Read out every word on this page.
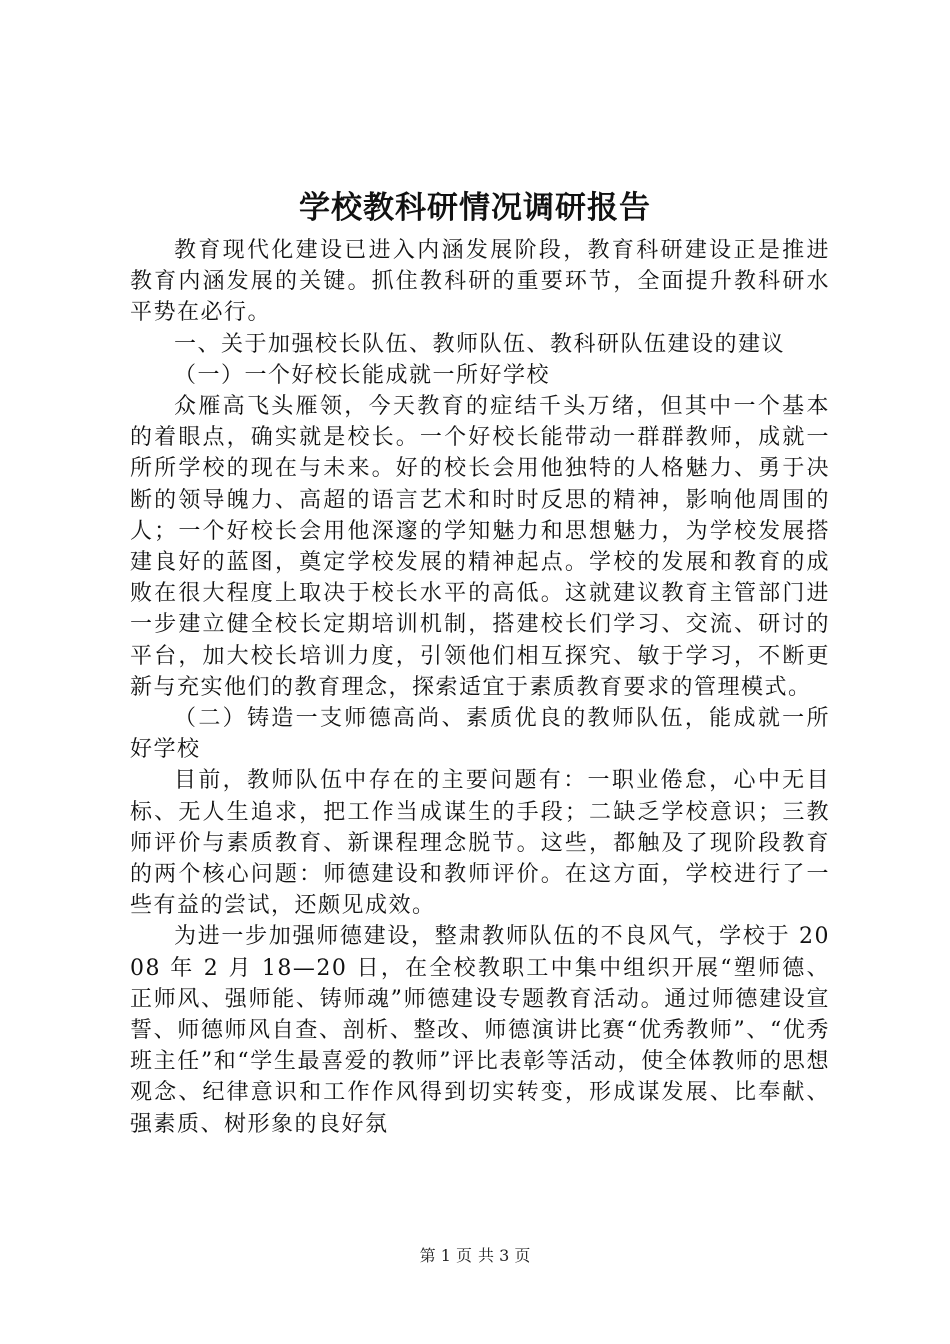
学校教科研情况调研报告

教育现代化建设已进入内涵发展阶段，教育科研建设正是推进教育内涵发展的关键。抓住教科研的重要环节，全面提升教科研水平势在必行。

一、关于加强校长队伍、教师队伍、教科研队伍建设的建议

（一）一个好校长能成就一所好学校

众雁高飞头雁领，今天教育的症结千头万绪，但其中一个基本的着眼点，确实就是校长。一个好校长能带动一群群教师，成就一所所学校的现在与未来。好的校长会用他独特的人格魅力、勇于决断的领导魄力、高超的语言艺术和时时反思的精神，影响他周围的人；一个好校长会用他深邃的学知魅力和思想魅力，为学校发展搭建良好的蓝图，奠定学校发展的精神起点。学校的发展和教育的成败在很大程度上取决于校长水平的高低。这就建议教育主管部门进一步建立健全校长定期培训机制，搭建校长们学习、交流、研讨的平台，加大校长培训力度，引领他们相互探究、敏于学习，不断更新与充实他们的教育理念，探索适宜于素质教育要求的管理模式。

（二）铸造一支师德高尚、素质优良的教师队伍，能成就一所好学校

目前，教师队伍中存在的主要问题有：一职业倦怠，心中无目标、无人生追求，把工作当成谋生的手段；二缺乏学校意识；三教师评价与素质教育、新课程理念脱节。这些，都触及了现阶段教育的两个核心问题：师德建设和教师评价。在这方面，学校进行了一些有益的尝试，还颇见成效。

为进一步加强师德建设，整肃教师队伍的不良风气，学校于 2008 年 2 月 18—20 日，在全校教职工中集中组织开展“塑师德、正师风、强师能、铸师魂”师德建设专题教育活动。通过师德建设宣誓、师德师风自查、剖析、整改、师德演讲比赛“优秀教师”、“优秀班主任”和“学生最喜爱的教师”评比表彰等活动，使全体教师的思想观念、纪律意识和工作作风得到切实转变，形成谋发展、比奉献、强素质、树形象的良好氛

第 1 页 共 3 页
